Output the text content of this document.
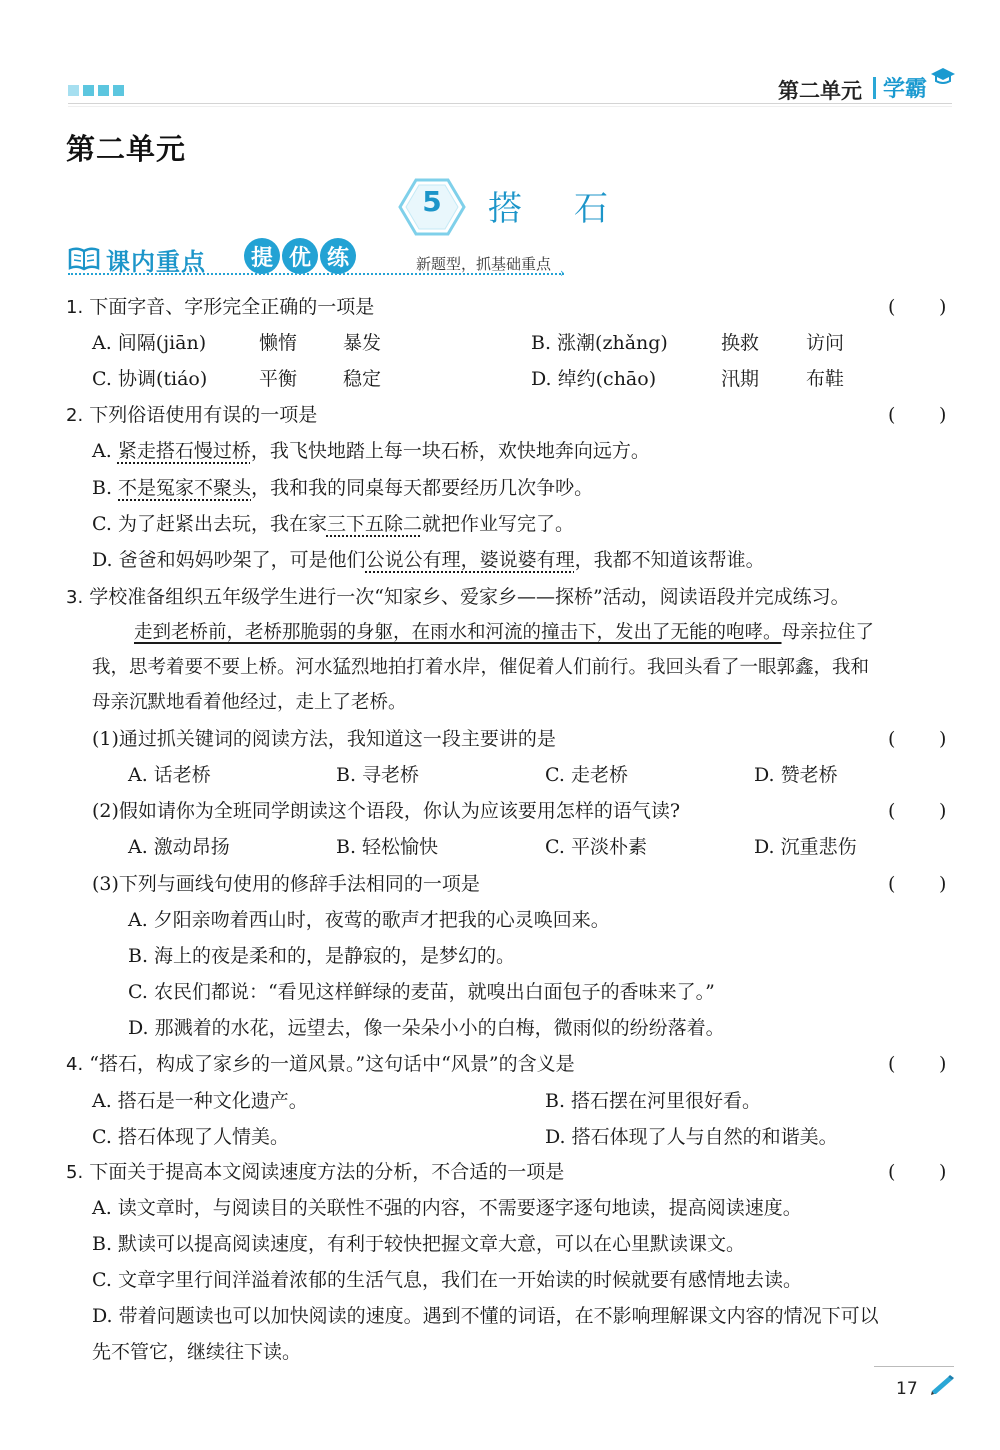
第二单元 学霸
第二单元
5	搭石
课内重点	提 优 练
›
新题型，抓基础重点
1. 下面字音、字形完全正确的一项是	( )
A. 间隔(jiān)	懒惰 暴发	B. 涨潮(zhǎng)	换救 访问
C. 协调(tiáo)	平衡 稳定	D. 绰约(chāo)	汛期 布鞋
2. 下列俗语使用有误的一项是	( )
A. 紧走搭石慢过桥，我飞快地踏上每一块石桥，欢快地奔向远方。
B. 不是冤家不聚头，我和我的同桌每天都要经历几次争吵。
C. 为了赶紧出去玩，我在家三下五除二就把作业写完了。
D. 爸爸和妈妈吵架了，可是他们公说公有理，婆说婆有理，我都不知道该帮谁。
3. 学校准备组织五年级学生进行一次“知家乡、爱家乡——探桥”活动，阅读语段并完成练习。
走到老桥前，老桥那脆弱的身躯，在雨水和河流的撞击下，发出了无能的咆哮。母亲拉住了
我，思考着要不要上桥。河水猛烈地拍打着水岸，催促着人们前行。我回头看了一眼郭鑫，我和
母亲沉默地看着他经过，走上了老桥。
(1)通过抓关键词的阅读方法，我知道这一段主要讲的是	( )
A. 话老桥	B. 寻老桥	C. 走老桥	D. 赞老桥
(2)假如请你为全班同学朗读这个语段，你认为应该要用怎样的语气读?	( )
A. 激动昂扬	B. 轻松愉快	C. 平淡朴素	D. 沉重悲伤
(3)下列与画线句使用的修辞手法相同的一项是	( )
A. 夕阳亲吻着西山时，夜莺的歌声才把我的心灵唤回来。
B. 海上的夜是柔和的，是静寂的，是梦幻的。
C. 农民们都说：“看见这样鲜绿的麦苗，就嗅出白面包子的香味来了。”
D. 那溅着的水花，远望去，像一朵朵小小的白梅，微雨似的纷纷落着。
4. “搭石，构成了家乡的一道风景。”这句话中“风景”的含义是	( )
A. 搭石是一种文化遗产。	B. 搭石摆在河里很好看。
C. 搭石体现了人情美。	D. 搭石体现了人与自然的和谐美。
5. 下面关于提高本文阅读速度方法的分析，不合适的一项是	( )
A. 读文章时，与阅读目的关联性不强的内容，不需要逐字逐句地读，提高阅读速度。
B. 默读可以提高阅读速度，有利于较快把握文章大意，可以在心里默读课文。
C. 文章字里行间洋溢着浓郁的生活气息，我们在一开始读的时候就要有感情地去读。
D. 带着问题读也可以加快阅读的速度。遇到不懂的词语，在不影响理解课文内容的情况下可以
先不管它，继续往下读。
17
